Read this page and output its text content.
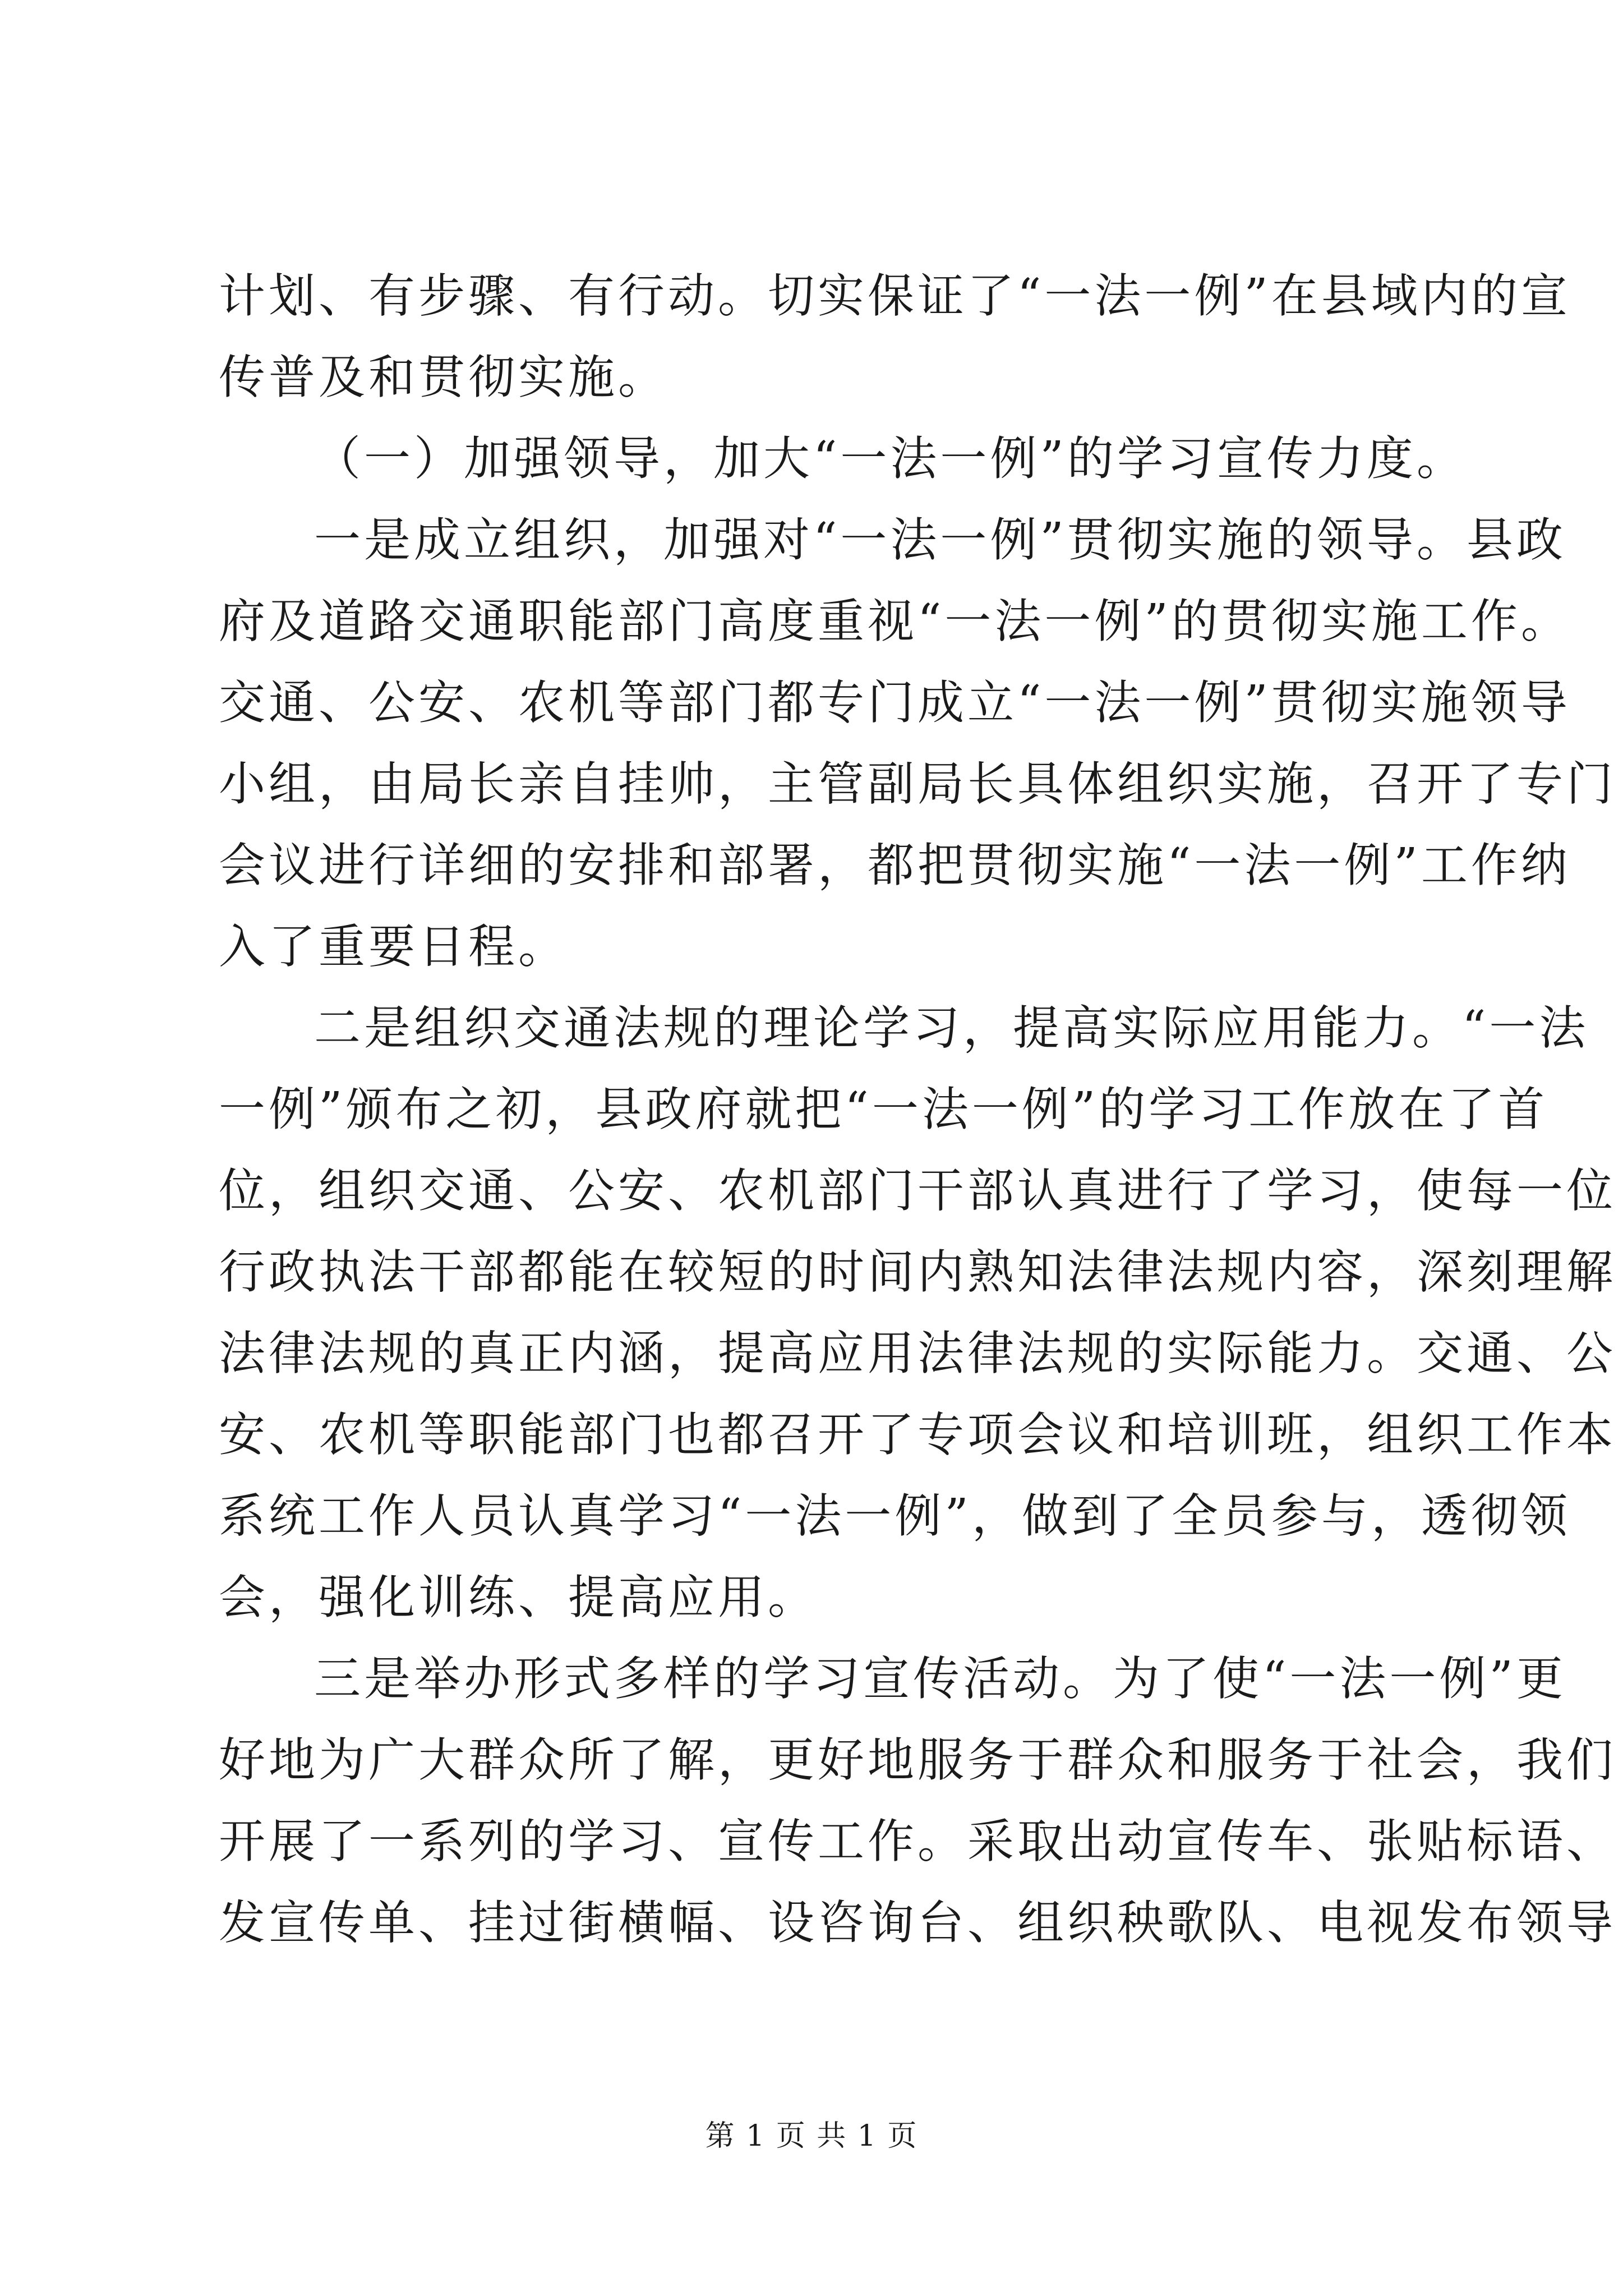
计划、有步骤、有行动。切实保证了“一法一例”在县域内的宣
传普及和贯彻实施。
（一）加强领导，加大“一法一例”的学习宣传力度。
一是成立组织，加强对“一法一例”贯彻实施的领导。县政
府及道路交通职能部门高度重视“一法一例”的贯彻实施工作。
交通、公安、农机等部门都专门成立“一法一例”贯彻实施领导
小组，由局长亲自挂帅，主管副局长具体组织实施，召开了专门
会议进行详细的安排和部署，都把贯彻实施“一法一例”工作纳
入了重要日程。
二是组织交通法规的理论学习，提高实际应用能力。“一法
一例”颁布之初，县政府就把“一法一例”的学习工作放在了首
位，组织交通、公安、农机部门干部认真进行了学习，使每一位
行政执法干部都能在较短的时间内熟知法律法规内容，深刻理解
法律法规的真正内涵，提高应用法律法规的实际能力。交通、公
安、农机等职能部门也都召开了专项会议和培训班，组织工作本
系统工作人员认真学习“一法一例”，做到了全员参与，透彻领
会，强化训练、提高应用。
三是举办形式多样的学习宣传活动。为了使“一法一例”更
好地为广大群众所了解，更好地服务于群众和服务于社会，我们
开展了一系列的学习、宣传工作。采取出动宣传车、张贴标语、
发宣传单、挂过街横幅、设咨询台、组织秧歌队、电视发布领导
第 1 页 共 1 页
